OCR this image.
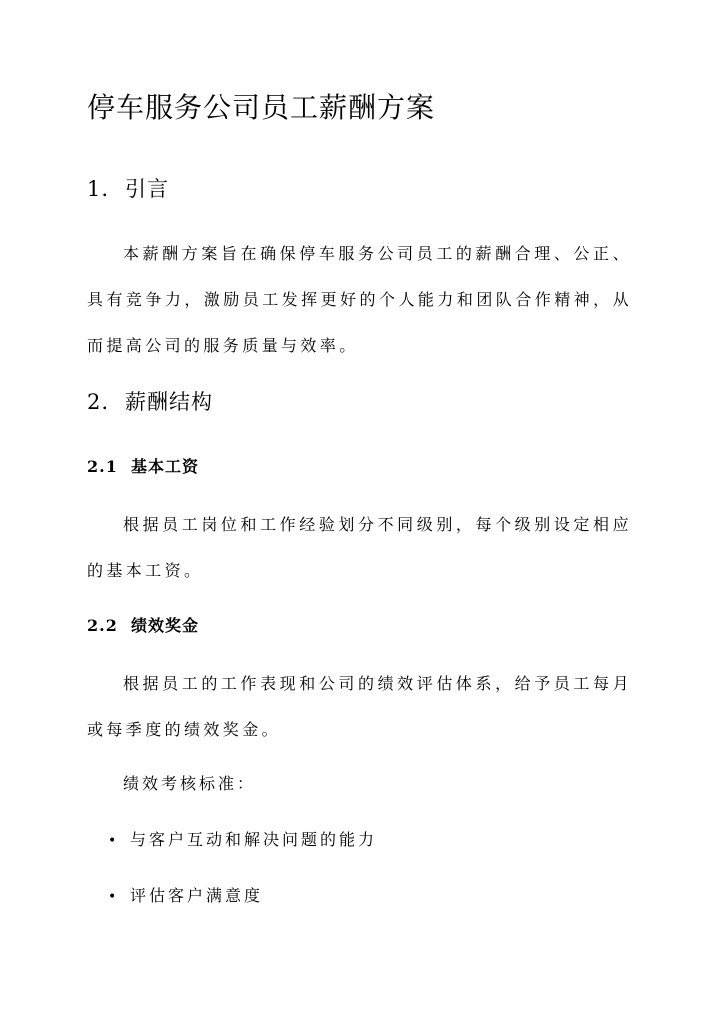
停车服务公司员工薪酬方案
1. 引言

本薪酬方案旨在确保停车服务公司员工的薪酬合理、公正、具有竞争力，激励员工发挥更好的个人能力和团队合作精神，从而提高公司的服务质量与效率。

2. 薪酬结构
2.1 基本工资

根据员工岗位和工作经验划分不同级别，每个级别设定相应的基本工资。

2.2 绩效奖金

根据员工的工作表现和公司的绩效评估体系，给予员工每月或每季度的绩效奖金。

绩效考核标准：
• 与客户互动和解决问题的能力
• 评估客户满意度
